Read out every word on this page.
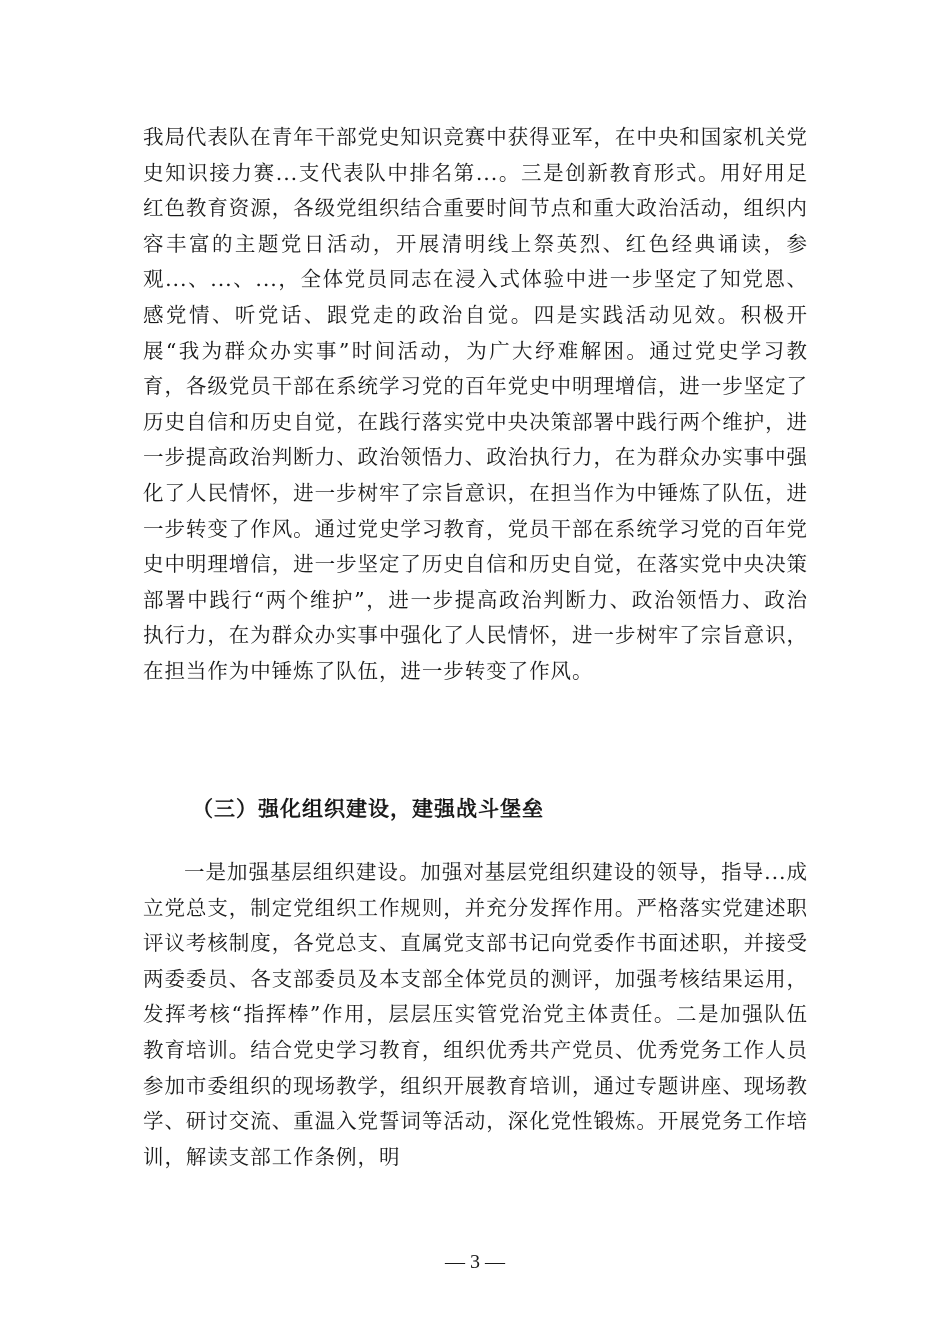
我局代表队在青年干部党史知识竞赛中获得亚军，在中央和国家机关党史知识接力赛...支代表队中排名第...。三是创新教育形式。用好用足红色教育资源，各级党组织结合重要时间节点和重大政治活动，组织内容丰富的主题党日活动，开展清明线上祭英烈、红色经典诵读，参观...、...、...，全体党员同志在浸入式体验中进一步坚定了知党恩、感党情、听党话、跟党走的政治自觉。四是实践活动见效。积极开展“我为群众办实事”时间活动，为广大纾难解困。通过党史学习教育，各级党员干部在系统学习党的百年党史中明理增信，进一步坚定了历史自信和历史自觉，在践行落实党中央决策部署中践行两个维护，进一步提高政治判断力、政治领悟力、政治执行力，在为群众办实事中强化了人民情怀，进一步树牢了宗旨意识，在担当作为中锤炼了队伍，进一步转变了作风。通过党史学习教育，党员干部在系统学习党的百年党史中明理增信，进一步坚定了历史自信和历史自觉，在落实党中央决策部署中践行“两个维护”，进一步提高政治判断力、政治领悟力、政治执行力，在为群众办实事中强化了人民情怀，进一步树牢了宗旨意识，在担当作为中锤炼了队伍，进一步转变了作风。

（三）强化组织建设，建强战斗堡垒

一是加强基层组织建设。加强对基层党组织建设的领导，指导...成立党总支，制定党组织工作规则，并充分发挥作用。严格落实党建述职评议考核制度，各党总支、直属党支部书记向党委作书面述职，并接受两委委员、各支部委员及本支部全体党员的测评，加强考核结果运用，发挥考核“指挥棒”作用，层层压实管党治党主体责任。二是加强队伍教育培训。结合党史学习教育，组织优秀共产党员、优秀党务工作人员参加市委组织的现场教学，组织开展教育培训，通过专题讲座、现场教学、研讨交流、重温入党誓词等活动，深化党性锻炼。开展党务工作培训，解读支部工作条例，明

— 3 —
